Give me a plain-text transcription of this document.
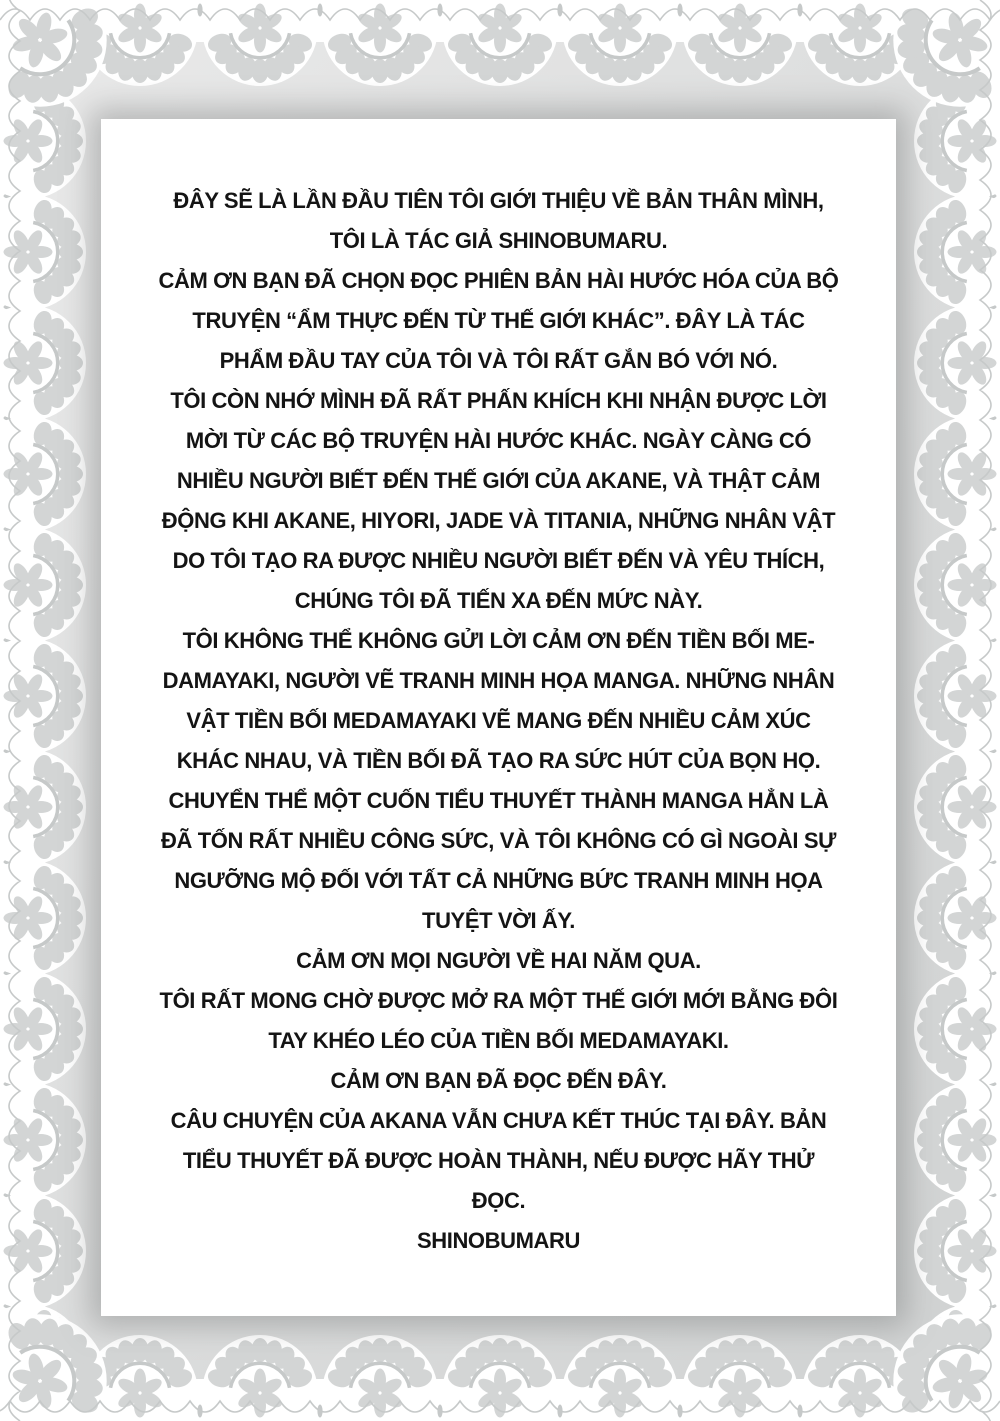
ĐÂY SẼ LÀ LẦN ĐẦU TIÊN TÔI GIỚI THIỆU VỀ BẢN THÂN MÌNH,
TÔI LÀ TÁC GIẢ SHINOBUMARU.
CẢM ƠN BẠN ĐÃ CHỌN ĐỌC PHIÊN BẢN HÀI HƯỚC HÓA CỦA BỘ
TRUYỆN “ẨM THỰC ĐẾN TỪ THẾ GIỚI KHÁC”. ĐÂY LÀ TÁC
PHẨM ĐẦU TAY CỦA TÔI VÀ TÔI RẤT GẮN BÓ VỚI NÓ.
TÔI CÒN NHỚ MÌNH ĐÃ RẤT PHẤN KHÍCH KHI NHẬN ĐƯỢC LỜI
MỜI TỪ CÁC BỘ TRUYỆN HÀI HƯỚC KHÁC. NGÀY CÀNG CÓ
NHIỀU NGƯỜI BIẾT ĐẾN THẾ GIỚI CỦA AKANE, VÀ THẬT CẢM
ĐỘNG KHI AKANE, HIYORI, JADE VÀ TITANIA, NHỮNG NHÂN VẬT
DO TÔI TẠO RA ĐƯỢC NHIỀU NGƯỜI BIẾT ĐẾN VÀ YÊU THÍCH,
CHÚNG TÔI ĐÃ TIẾN XA ĐẾN MỨC NÀY.
TÔI KHÔNG THỂ KHÔNG GỬI LỜI CẢM ƠN ĐẾN TIỀN BỐI ME-
DAMAYAKI, NGƯỜI VẼ TRANH MINH HỌA MANGA. NHỮNG NHÂN
VẬT TIỀN BỐI MEDAMAYAKI VẼ MANG ĐẾN NHIỀU CẢM XÚC
KHÁC NHAU, VÀ TIỀN BỐI ĐÃ TẠO RA SỨC HÚT CỦA BỌN HỌ.
CHUYỂN THỂ MỘT CUỐN TIỂU THUYẾT THÀNH MANGA HẲN LÀ
ĐÃ TỐN RẤT NHIỀU CÔNG SỨC, VÀ TÔI KHÔNG CÓ GÌ NGOÀI SỰ
NGƯỠNG MỘ ĐỐI VỚI TẤT CẢ NHỮNG BỨC TRANH MINH HỌA
TUYỆT VỜI ẤY.
CẢM ƠN MỌI NGƯỜI VỀ HAI NĂM QUA.
TÔI RẤT MONG CHỜ ĐƯỢC MỞ RA MỘT THẾ GIỚI MỚI BẰNG ĐÔI
TAY KHÉO LÉO CỦA TIỀN BỐI MEDAMAYAKI.
CẢM ƠN BẠN ĐÃ ĐỌC ĐẾN ĐÂY.
CÂU CHUYỆN CỦA AKANA VẪN CHƯA KẾT THÚC TẠI ĐÂY. BẢN
TIỂU THUYẾT ĐÃ ĐƯỢC HOÀN THÀNH, NẾU ĐƯỢC HÃY THỬ
ĐỌC.
SHINOBUMARU
